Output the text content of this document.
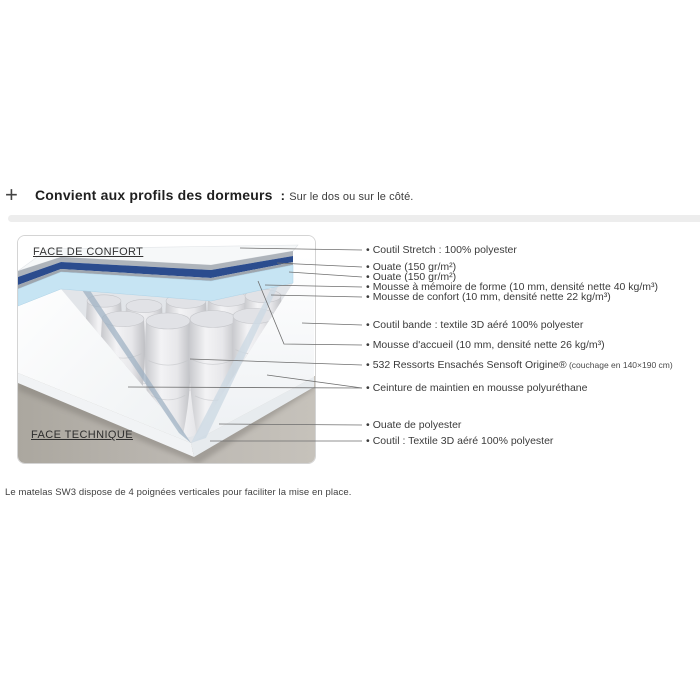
+ Convient aux profils des dormeurs : Sur le dos ou sur le côté.
FACE DE CONFORT
FACE TECHNIQUE
• Coutil Stretch : 100% polyester
• Ouate (150 gr/m²)
• Ouate (150 gr/m²)
• Mousse à mémoire de forme (10 mm, densité nette 40 kg/m³)
• Mousse de confort (10 mm, densité nette 22 kg/m³)
• Coutil bande : textile 3D aéré 100% polyester
• Mousse d'accueil (10 mm, densité nette 26 kg/m³)
• 532 Ressorts Ensachés Sensoft Origine® (couchage en 140×190 cm)
• Ceinture de maintien en mousse polyuréthane
• Ouate de polyester
• Coutil : Textile 3D aéré 100% polyester
Le matelas SW3 dispose de 4 poignées verticales pour faciliter la mise en place.
